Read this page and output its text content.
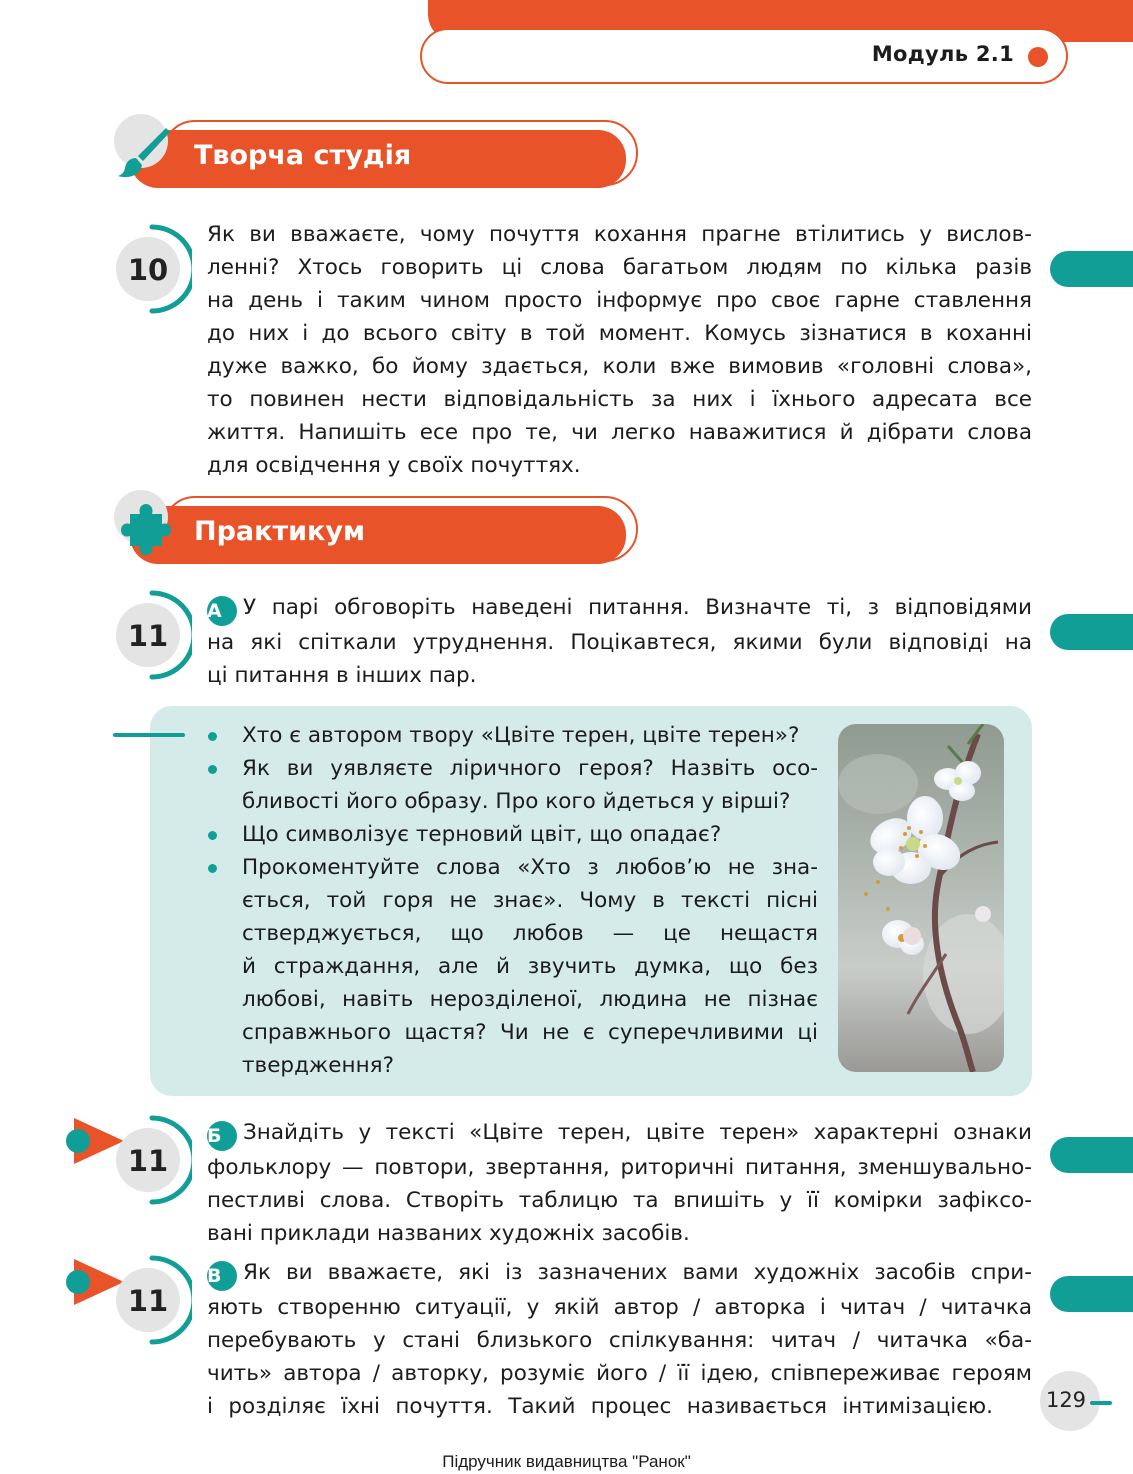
Модуль 2.1
Творча студія
10
Як ви вважаєте, чому почуття кохання прагне втілитись у вислов-
ленні? Хтось говорить ці слова багатьом людям по кілька разів
на день і таким чином просто інформує про своє гарне ставлення
до них і до всього світу в той момент. Комусь зізнатися в коханні
дуже важко, бо йому здається, коли вже вимовив «головні слова»,
то повинен нести відповідальність за них і їхнього адресата все
життя. Напишіть есе про те, чи легко наважитися й дібрати слова
для освідчення у своїх почуттях.
Практикум
11
А У парі обговоріть наведені питання. Визначте ті, з відповідями
на які спіткали утруднення. Поцікавтеся, якими були відповіді на
ці питання в інших пар.
Хто є автором твору «Цвіте терен, цвіте терен»?
Як ви уявляєте ліричного героя? Назвіть осо-
бливості його образу. Про кого йдеться у вірші?
Що символізує терновий цвіт, що опадає?
Прокоментуйте слова «Хто з любов’ю не зна-
ється, той горя не знає». Чому в тексті пісні
стверджується, що любов — це нещастя
й страждання, але й звучить думка, що без
любові, навіть нерозділеної, людина не пізнає
справжнього щастя? Чи не є суперечливими ці
твердження?
11
Б Знайдіть у тексті «Цвіте терен, цвіте терен» характерні ознаки
фольклору — повтори, звертання, риторичні питання, зменшувально-
пестливі слова. Створіть таблицю та впишіть у її комірки зафіксо-
вані приклади названих художніх засобів.
11
В Як ви вважаєте, які із зазначених вами художніх засобів спри-
яють створенню ситуації, у якій автор / авторка і читач / читачка
перебувають у стані близького спілкування: читач / читачка «ба-
чить» автора / авторку, розуміє його / її ідею, співпереживає героям
і розділяє їхні почуття. Такий процес називається інтимізацією.	129
Підручник видавництва "Ранок"
